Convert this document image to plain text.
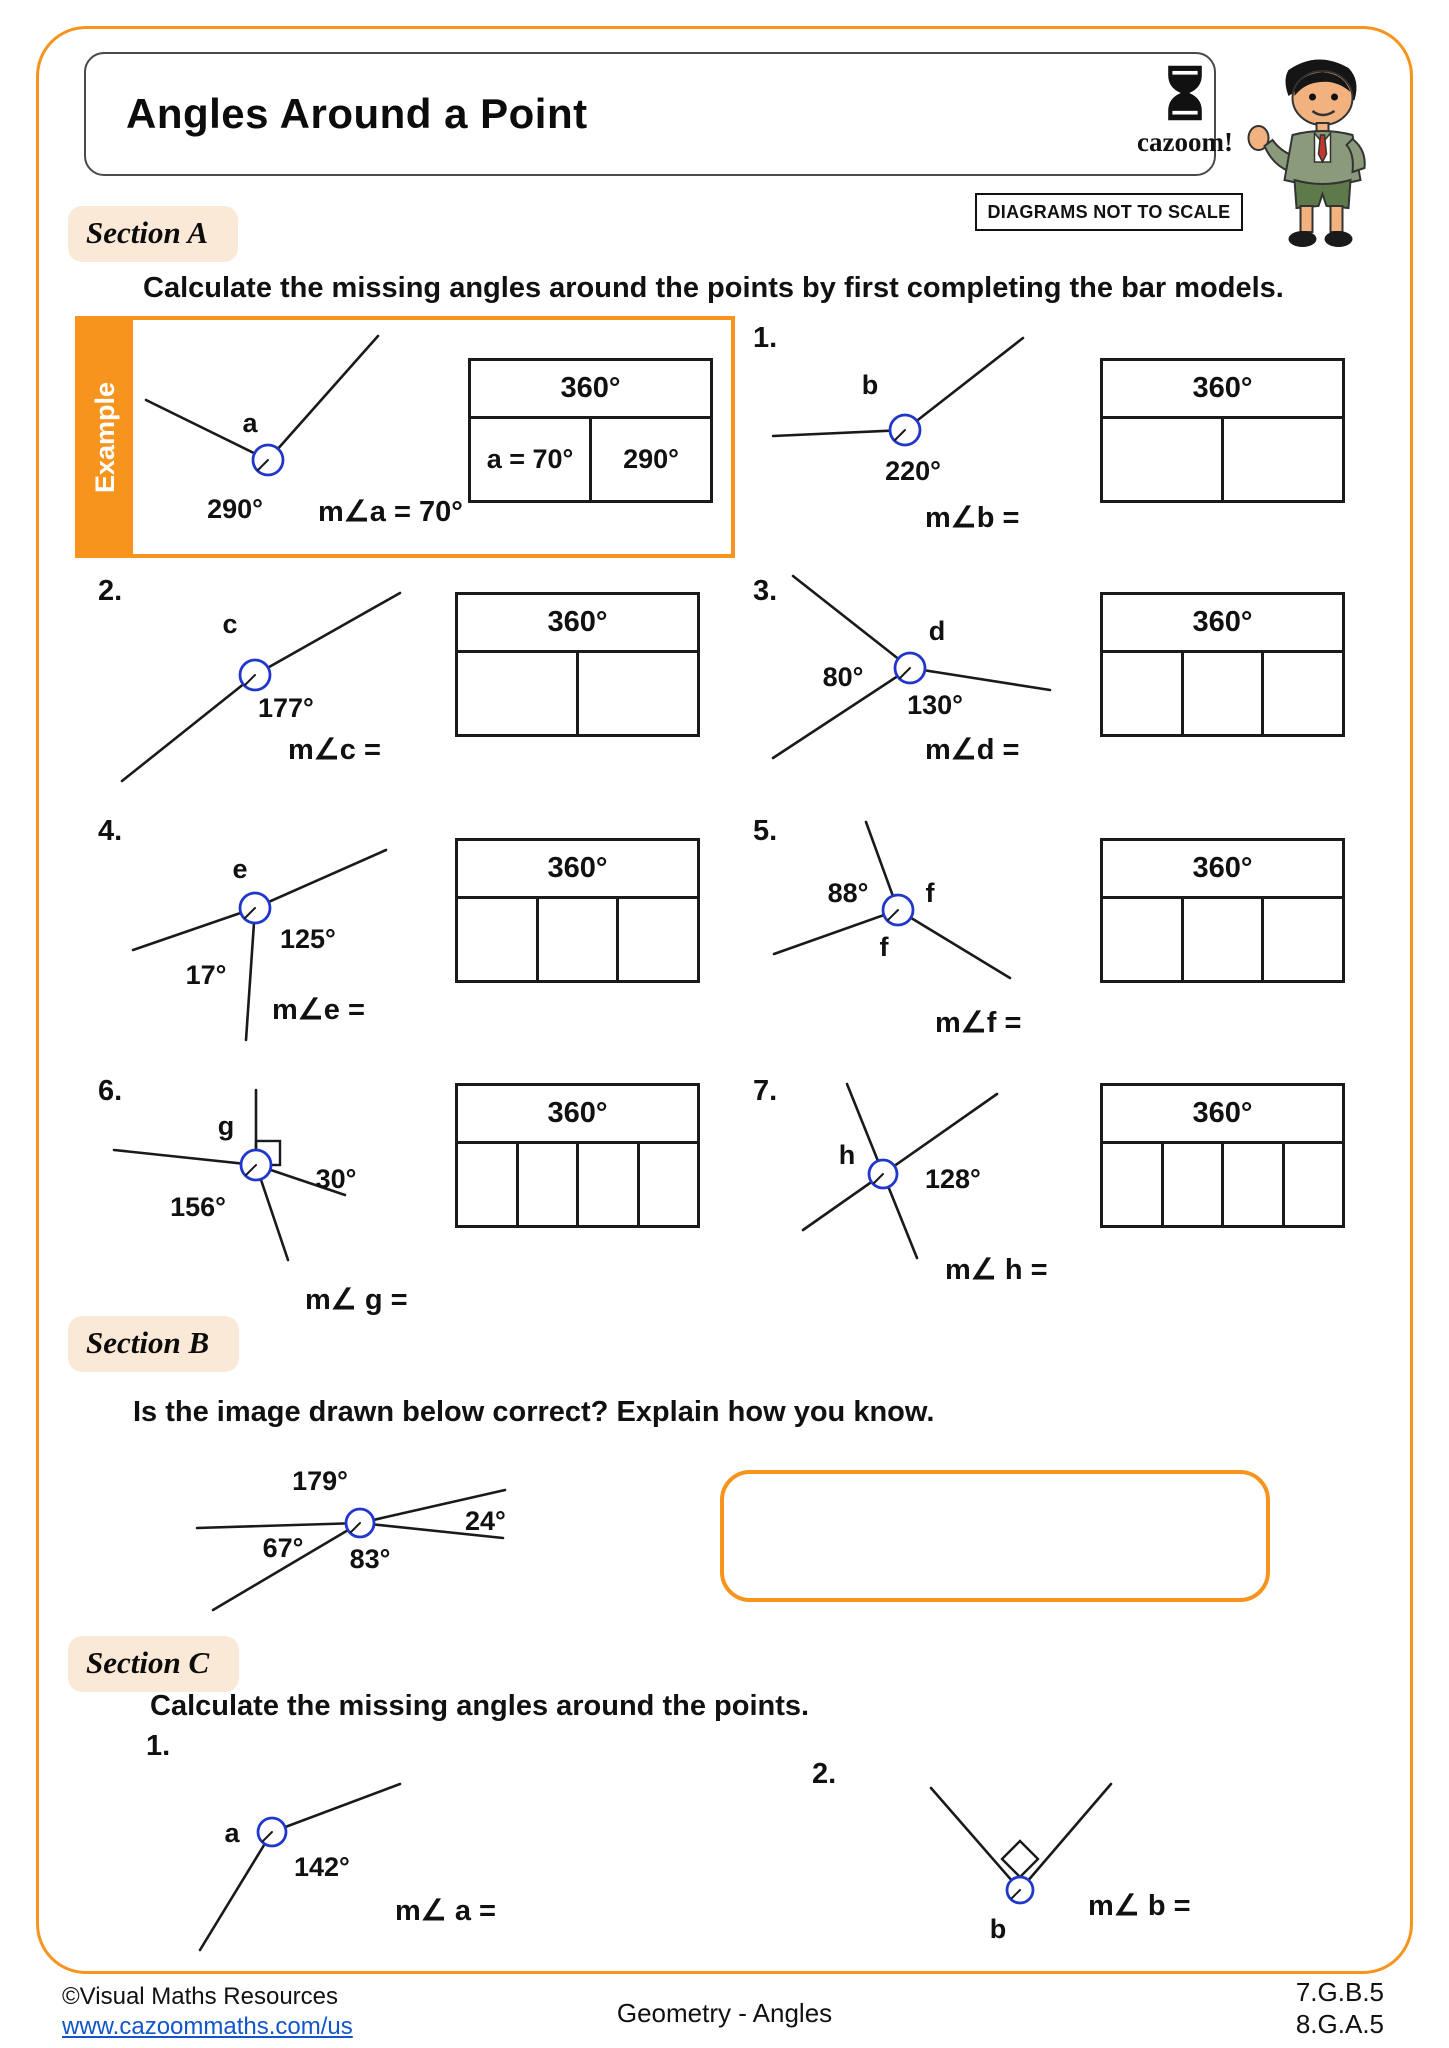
Angles Around a Point
cazoom!
DIAGRAMS NOT TO SCALE
Section A
Calculate the missing angles around the points by first completing the bar models.
Example	a
290° m∠a = 70°
360°
a = 70°	290°
1.
b
220°
m∠b =
360°
2.
c
177°
m∠c =
360°
3.
80°
d
130°
m∠d =
360°
4.
e
125°
17°
m∠e =
360°
5.
88° f
f
m∠f =
360°
6.
g
30°
156°
m∠ g =
360°
7.
h
128°
m∠ h =
360°
Section B
Is the image drawn below correct? Explain how you know.
179°
24°
67° 83°
Section C
Calculate the missing angles around the points.
1.
a
142°
m∠ a =
2.
b
m∠ b =
©Visual Maths Resources
www.cazoommaths.com/us	Geometry - Angles
7.G.B.5
8.G.A.5
